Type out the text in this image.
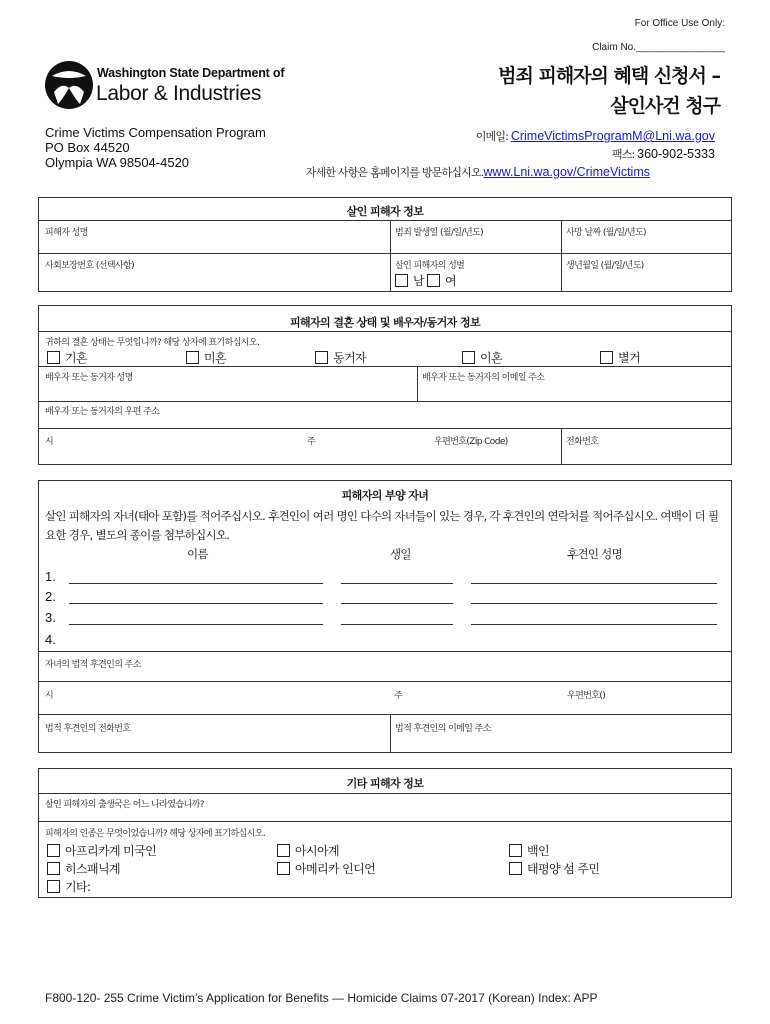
For Office Use Only:
Claim No.________________
Washington State Department of
Labor & Industries
범죄 피해자의 혜택 신청서 –
살인사건 청구
Crime Victims Compensation Program
PO Box 44520
Olympia WA 98504-4520
이메일: CrimeVictimsProgramM@Lni.wa.gov
팩스: 360-902-5333
자세한 사항은 홈페이지를 방문하십시오.www.Lni.wa.gov/CrimeVictims
살인 피해자 정보
피해자 성명	범죄 발생일 (월/일/년도)	사망 날짜 (월/일/년도)
사회보장번호 (선택사항)	살인 피해자의 성별
남	여
생년월일 (월/일/년도)
피해자의 결혼 상태 및 배우자/동거자 정보
귀하의 결혼 상태는 무엇입니까? 해당 상자에 표기하십시오.
기혼	미혼	동거자	이혼	별거
배우자 또는 동거자 성명	배우자 또는 동거자의 이메일 주소
배우자 또는 동거자의 우편 주소
시	주	우편번호(Zip Code)	전화번호
피해자의 부양 자녀
살인 피해자의 자녀(태아 포함)를 적어주십시오. 후견인이 여러 명인 다수의 자녀들이 있는 경우, 각 후견인의 연락처를 적어주십시오. 여백이 더 필요한 경우, 별도의 종이를 첨부하십시오.
이름	생일	후견인 성명
1.
2.
3.
4.
자녀의 법적 후견인의 주소
시	주	우편번호()
법적 후견인의 전화번호	법적 후견인의 이메일 주소
기타 피해자 정보
살인 피해자의 출생국은 어느 나라였습니까?
피해자의 인종은 무엇이었습니까? 해당 상자에 표기하십시오.
아프리카계 미국인	아시아계	백인
히스패닉계	아메리카 인디언	태평양 섬 주민
기타:
F800-120- 255 Crime Victim’s Application for Benefits — Homicide Claims 07-2017 (Korean) Index: APP
